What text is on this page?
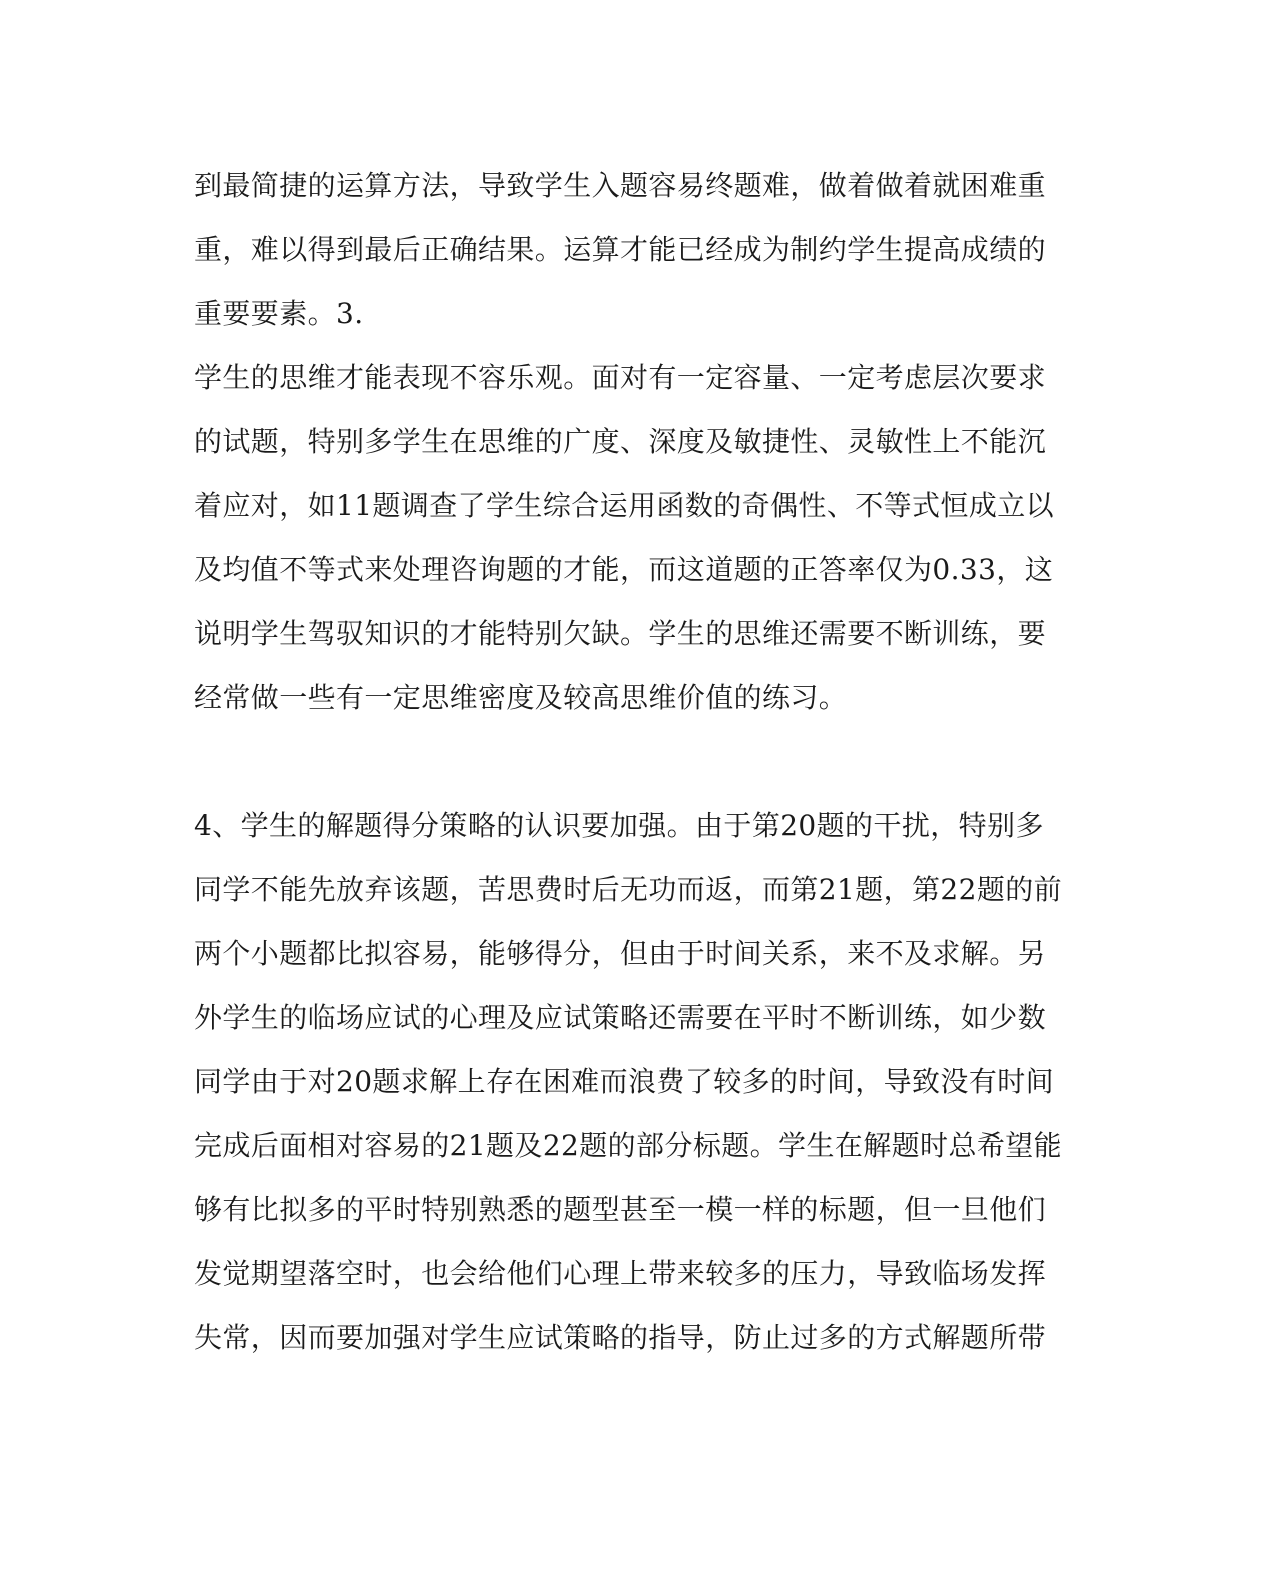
到最简捷的运算方法，导致学生入题容易终题难，做着做着就困难重
重，难以得到最后正确结果。运算才能已经成为制约学生提高成绩的
重要要素。3.
学生的思维才能表现不容乐观。面对有一定容量、一定考虑层次要求
的试题，特别多学生在思维的广度、深度及敏捷性、灵敏性上不能沉
着应对，如11题调查了学生综合运用函数的奇偶性、不等式恒成立以
及均值不等式来处理咨询题的才能，而这道题的正答率仅为0.33，这
说明学生驾驭知识的才能特别欠缺。学生的思维还需要不断训练，要
经常做一些有一定思维密度及较高思维价值的练习。
4、学生的解题得分策略的认识要加强。由于第20题的干扰，特别多
同学不能先放弃该题，苦思费时后无功而返，而第21题，第22题的前
两个小题都比拟容易，能够得分，但由于时间关系，来不及求解。另
外学生的临场应试的心理及应试策略还需要在平时不断训练，如少数
同学由于对20题求解上存在困难而浪费了较多的时间，导致没有时间
完成后面相对容易的21题及22题的部分标题。学生在解题时总希望能
够有比拟多的平时特别熟悉的题型甚至一模一样的标题，但一旦他们
发觉期望落空时，也会给他们心理上带来较多的压力，导致临场发挥
失常，因而要加强对学生应试策略的指导，防止过多的方式解题所带
